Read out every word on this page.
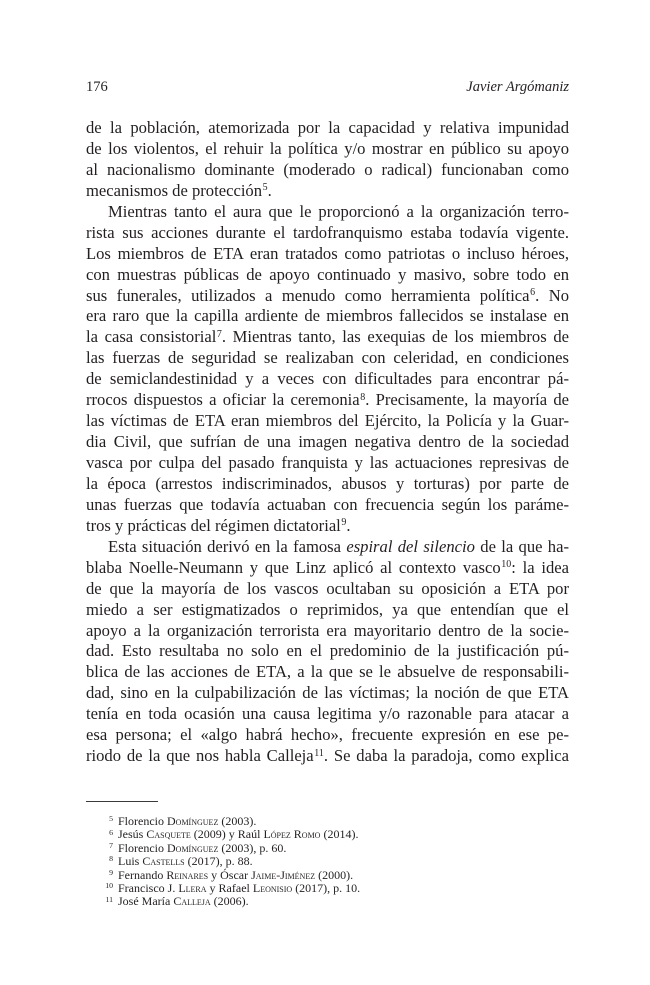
176	Javier Argómaniz
de la población, atemorizada por la capacidad y relativa impunidad
de los violentos, el rehuir la política y/o mostrar en público su apoyo
al nacionalismo dominante (moderado o radical) funcionaban como
mecanismos de protección$^5$.
Mientras tanto el aura que le proporcionó a la organización terro-
rista sus acciones durante el tardofranquismo estaba todavía vigente.
Los miembros de ETA eran tratados como patriotas o incluso héroes,
con muestras públicas de apoyo continuado y masivo, sobre todo en
sus funerales, utilizados a menudo como herramienta política$^6$. No
era raro que la capilla ardiente de miembros fallecidos se instalase en
la casa consistorial$^7$. Mientras tanto, las exequias de los miembros de
las fuerzas de seguridad se realizaban con celeridad, en condiciones
de semiclandestinidad y a veces con dificultades para encontrar pá-
rrocos dispuestos a oficiar la ceremonia$^8$. Precisamente, la mayoría de
las víctimas de ETA eran miembros del Ejército, la Policía y la Guar-
dia Civil, que sufrían de una imagen negativa dentro de la sociedad
vasca por culpa del pasado franquista y las actuaciones represivas de
la época (arrestos indiscriminados, abusos y torturas) por parte de
unas fuerzas que todavía actuaban con frecuencia según los paráme-
tros y prácticas del régimen dictatorial$^9$.
Esta situación derivó en la famosa espiral del silencio de la que ha-
blaba Noelle-Neumann y que Linz aplicó al contexto vasco$^{10}$: la idea
de que la mayoría de los vascos ocultaban su oposición a ETA por
miedo a ser estigmatizados o reprimidos, ya que entendían que el
apoyo a la organización terrorista era mayoritario dentro de la socie-
dad. Esto resultaba no solo en el predominio de la justificación pú-
blica de las acciones de ETA, a la que se le absuelve de responsabili-
dad, sino en la culpabilización de las víctimas; la noción de que ETA
tenía en toda ocasión una causa legitima y/o razonable para atacar a
esa persona; el «algo habrá hecho», frecuente expresión en ese pe-
riodo de la que nos habla Calleja$^{11}$. Se daba la paradoja, como explica
$^5$ Florencio Domínguez (2003).
$^6$ Jesús Casquete (2009) y Raúl López Romo (2014).
$^7$ Florencio Domínguez (2003), p. 60.
$^8$ Luis Castells (2017), p. 88.
$^9$ Fernando Reinares y Óscar Jaime-Jiménez (2000).
$^{10}$ Francisco J. Llera y Rafael Leonisio (2017), p. 10.
$^{11}$ José María Calleja (2006).
